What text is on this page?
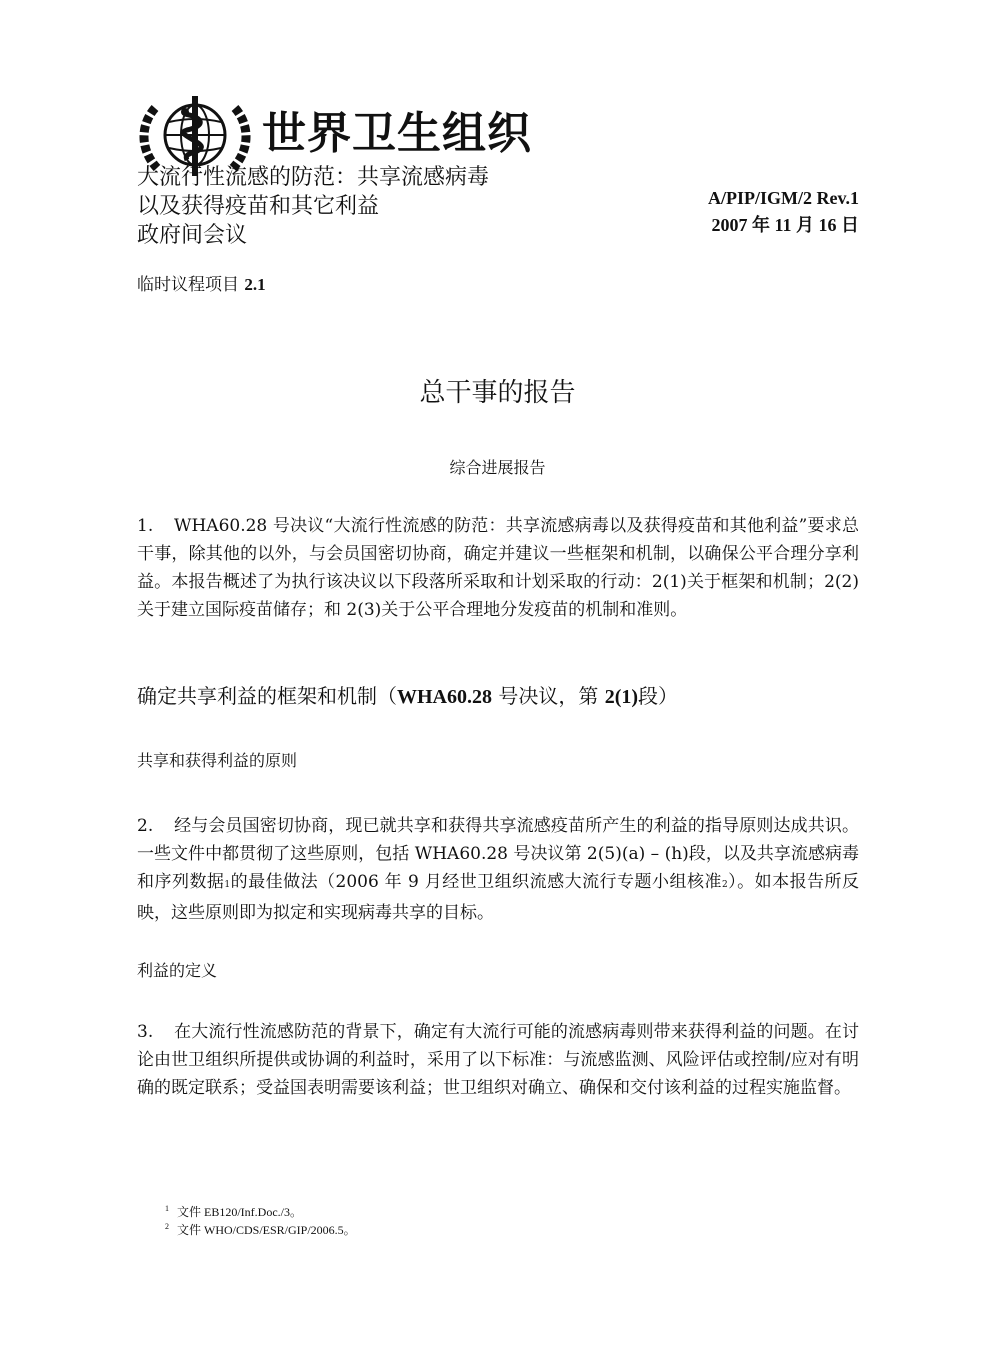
世界卫生组织
大流行性流感的防范：共享流感病毒
以及获得疫苗和其它利益
政府间会议
临时议程项目 2.1
A/PIP/IGM/2 Rev.1
2007 年 11 月 16 日
总干事的报告
综合进展报告
1. WHA60.28 号决议“大流行性流感的防范：共享流感病毒以及获得疫苗和其他利益”要求总干事，除其他的以外，与会员国密切协商，确定并建议一些框架和机制，以确保公平合理分享利益。本报告概述了为执行该决议以下段落所采取和计划采取的行动：2(1)关于框架和机制；2(2)关于建立国际疫苗储存；和 2(3)关于公平合理地分发疫苗的机制和准则。
确定共享利益的框架和机制（WHA60.28 号决议，第 2(1)段）
共享和获得利益的原则
2. 经与会员国密切协商，现已就共享和获得共享流感疫苗所产生的利益的指导原则达成共识。一些文件中都贯彻了这些原则，包括 WHA60.28 号决议第 2(5)(a) – (h)段，以及共享流感病毒和序列数据1的最佳做法（2006 年 9 月经世卫组织流感大流行专题小组核准2）。如本报告所反映，这些原则即为拟定和实现病毒共享的目标。
利益的定义
3. 在大流行性流感防范的背景下，确定有大流行可能的流感病毒则带来获得利益的问题。在讨论由世卫组织所提供或协调的利益时，采用了以下标准：与流感监测、风险评估或控制/应对有明确的既定联系；受益国表明需要该利益；世卫组织对确立、确保和交付该利益的过程实施监督。
$^1$ 文件 EB120/Inf.Doc./3。
$^2$ 文件 WHO/CDS/ESR/GIP/2006.5。
